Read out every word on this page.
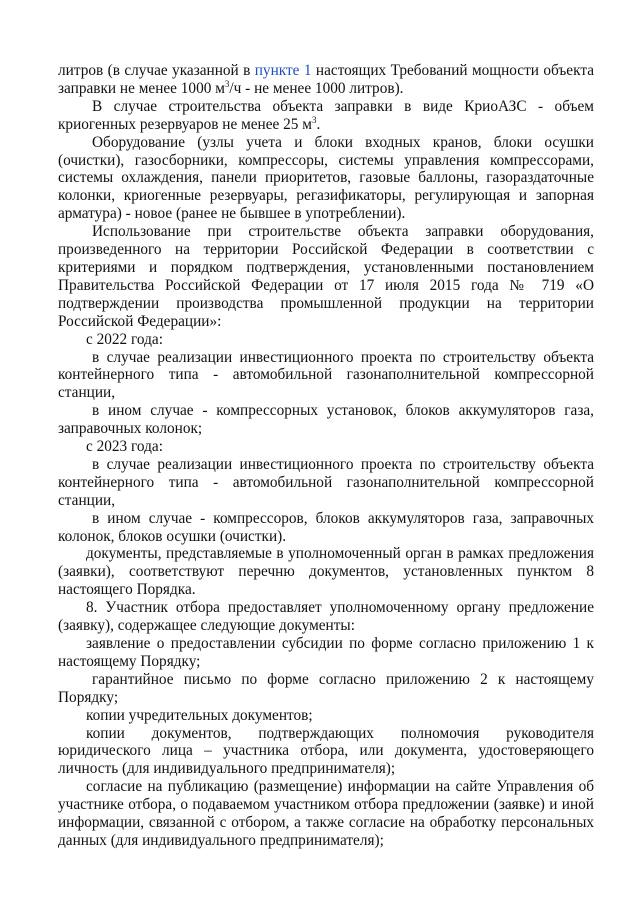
литров (в случае указанной в пункте 1 настоящих Требований мощности объекта заправки не менее 1000 $м^3/ч$ - не менее 1000 литров).

В случае строительства объекта заправки в виде КриоАЗС - объем криогенных резервуаров не менее 25 $м^3$.

Оборудование (узлы учета и блоки входных кранов, блоки осушки (очистки), газосборники, компрессоры, системы управления компрессорами, системы охлаждения, панели приоритетов, газовые баллоны, газораздаточные колонки, криогенные резервуары, регазификаторы, регулирующая и запорная арматура) - новое (ранее не бывшее в употреблении).

Использование при строительстве объекта заправки оборудования, произведенного на территории Российской Федерации в соответствии с критериями и порядком подтверждения, установленными постановлением Правительства Российской Федерации от 17 июля 2015 года № 719 «О подтверждении производства промышленной продукции на территории Российской Федерации»:

с 2022 года:

в случае реализации инвестиционного проекта по строительству объекта контейнерного типа - автомобильной газонаполнительной компрессорной станции,

в ином случае - компрессорных установок, блоков аккумуляторов газа, заправочных колонок;

с 2023 года:

в случае реализации инвестиционного проекта по строительству объекта контейнерного типа - автомобильной газонаполнительной компрессорной станции,

в ином случае - компрессоров, блоков аккумуляторов газа, заправочных колонок, блоков осушки (очистки).

документы, представляемые в уполномоченный орган в рамках предложения (заявки), соответствуют перечню документов, установленных пунктом 8 настоящего Порядка.

8. Участник отбора предоставляет уполномоченному органу предложение (заявку), содержащее следующие документы:

заявление о предоставлении субсидии по форме согласно приложению 1 к настоящему Порядку;

гарантийное письмо по форме согласно приложению 2 к настоящему Порядку;

копии учредительных документов;

копии документов, подтверждающих полномочия руководителя юридического лица – участника отбора, или документа, удостоверяющего личность (для индивидуального предпринимателя);

согласие на публикацию (размещение) информации на сайте Управления об участнике отбора, о подаваемом участником отбора предложении (заявке) и иной информации, связанной с отбором, а также согласие на обработку персональных данных (для индивидуального предпринимателя);
